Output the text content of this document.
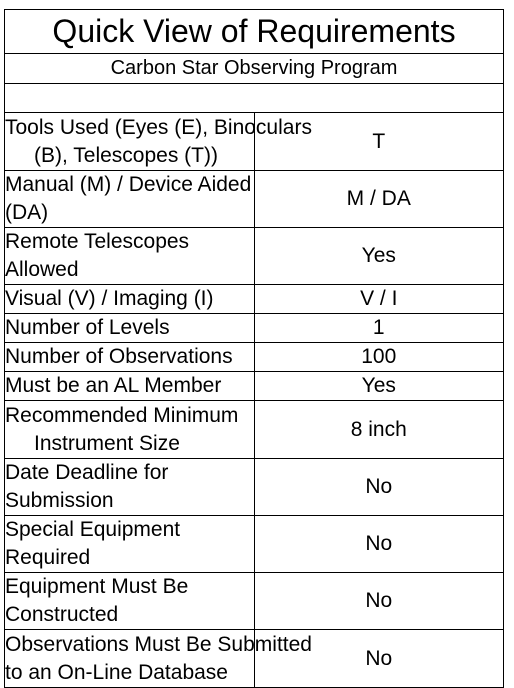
Quick View of Requirements	
Carbon Star Observing Program	

Tools Used (Eyes (E), Binoculars
(B), Telescopes (T))	T
Manual (M) / Device Aided (DA)	M / DA
Remote Telescopes Allowed	Yes
Visual (V) / Imaging (I)	V / I
Number of Levels	1
Number of Observations	100
Must be an AL Member	Yes

Recommended Minimum
Instrument Size	8 inch
Date Deadline for Submission	No
Special Equipment Required	No
Equipment Must Be Constructed	No

Observations Must Be Submitted
to an On-Line Database	No
